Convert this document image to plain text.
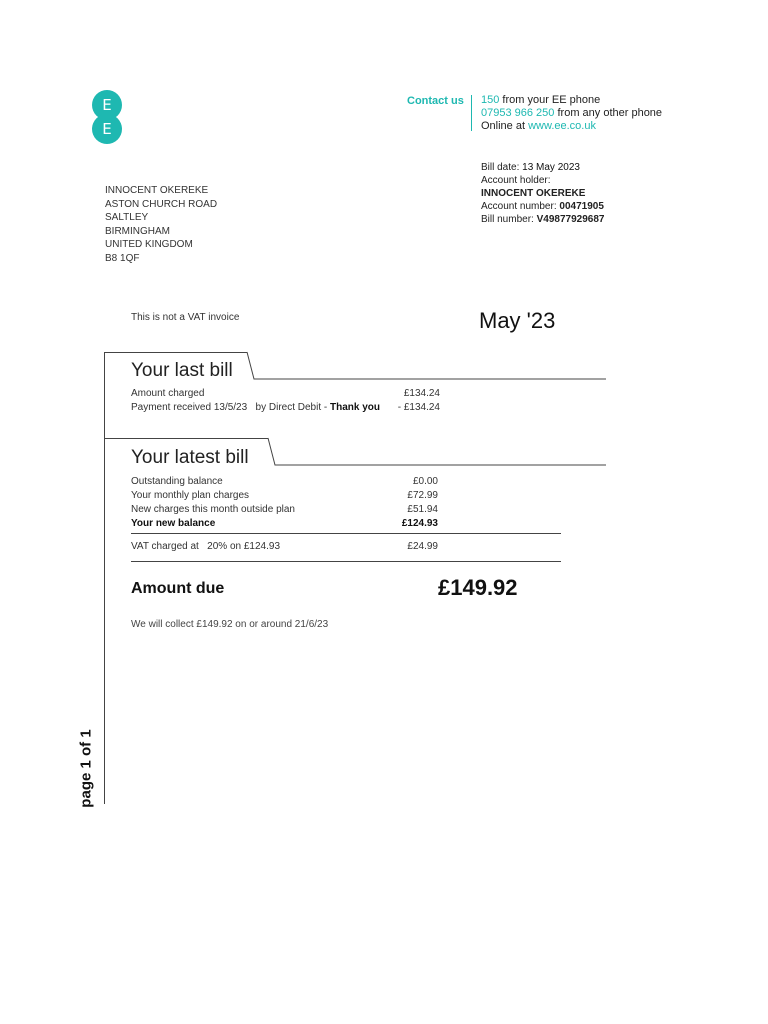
E
E
Contact us 150 from your EE phone
07953 966 250 from any other phone
Online at www.ee.co.uk
Bill date: 13 May 2023
Account holder:
INNOCENT OKEREKE
Account number: 00471905
Bill number: V49877929687
INNOCENT OKEREKE
ASTON CHURCH ROAD
SALTLEY
BIRMINGHAM
UNITED KINGDOM
B8 1QF
This is not a VAT invoice	May '23
Your last bill
Amount charged	£134.24
Payment received 13/5/23 by Direct Debit - Thank you	- £134.24
Your latest bill
Outstanding balance	£0.00
Your monthly plan charges	£72.99
New charges this month outside plan	£51.94
Your new balance	£124.93
VAT charged at 20% on £124.93	£24.99
Amount due	£149.92
We will collect £149.92 on or around 21/6/23
page 1 of 1
